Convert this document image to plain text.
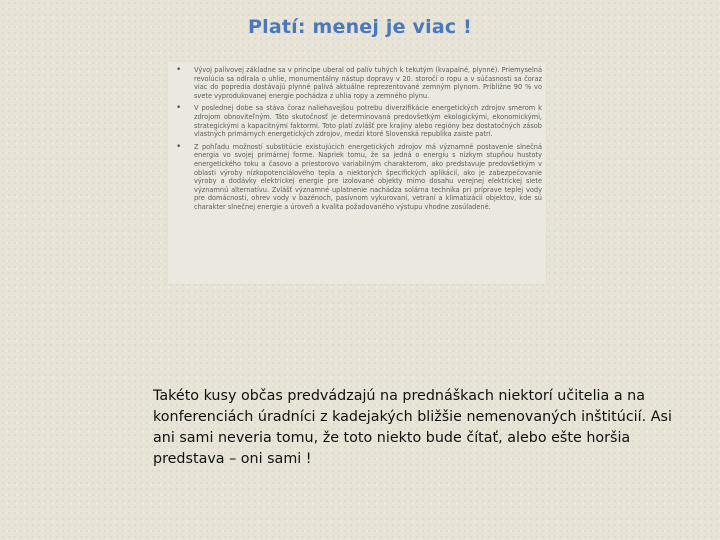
Platí: menej je viac !
• Vývoj palivovej základne sa v princípe uberal od palív tuhých k tekutým (kvapalné, plynné). Priemyselná revolúcia sa odlrala o uhlie, monumentálny nástup dopravy v 20. storočí o ropu a v súčasnosti sa čoraz viac do popredia dostávajú plynné palivá aktuálne reprezentované zemným plynom. Približne 90 % vo svete vyprodukovanej energie pochádza z uhlia ropy a zemného plynu.

• V poslednej dobe sa stáva čoraz naliehavejšou potrebu diverzifikácie energetických zdrojov smerom k zdrojom obnoviteľným. Táto skutočnosť je determinovaná predovšetkým ekologickými, ekonomickými, strategickými a kapacitnými faktormi. Toto platí zvlášť pre krajiny alebo regióny bez dostatočných zásob vlastných primárnych energetických zdrojov, medzi ktoré Slovenská republika zaiste patrí.

• Z pohľadu možností substitúcie existujúcich energetických zdrojov má významné postavenie slnečná energia vo svojej primárnej forme. Napriek tomu, že sa jedná o energiu s nízkym stupňou hustoty energetického toku a časovo a priestorovo variabilným charakterom, ako predstavuje predovšetkým v oblasti výroby nízkopotenciálového tepla a niektorých špecifických aplikácií, ako je zabezpečovanie výroby a dodávky elektrickej energie pre izolované objekty mimo dosahu verejnej elektrickej siete významnú alternatívu. Zvlášť významné uplatnenie nachádza solárna technika pri príprave teplej vody pre domácnosti, ohrev vody v bazénoch, pasívnom vykurovaní, vetraní a klimatizácii objektov, kde sú charakter slnečnej energie a úroveň a kvalita požadovaného výstupu vhodne zosúladené.

Takéto kusy občas predvádzajú na prednáškach niektorí učitelia a na konferenciách úradníci z kadejakých bližšie nemenovaných inštitúcií. Asi ani sami neveria tomu, že toto niekto bude čítať, alebo ešte horšia predstava – oni sami !
